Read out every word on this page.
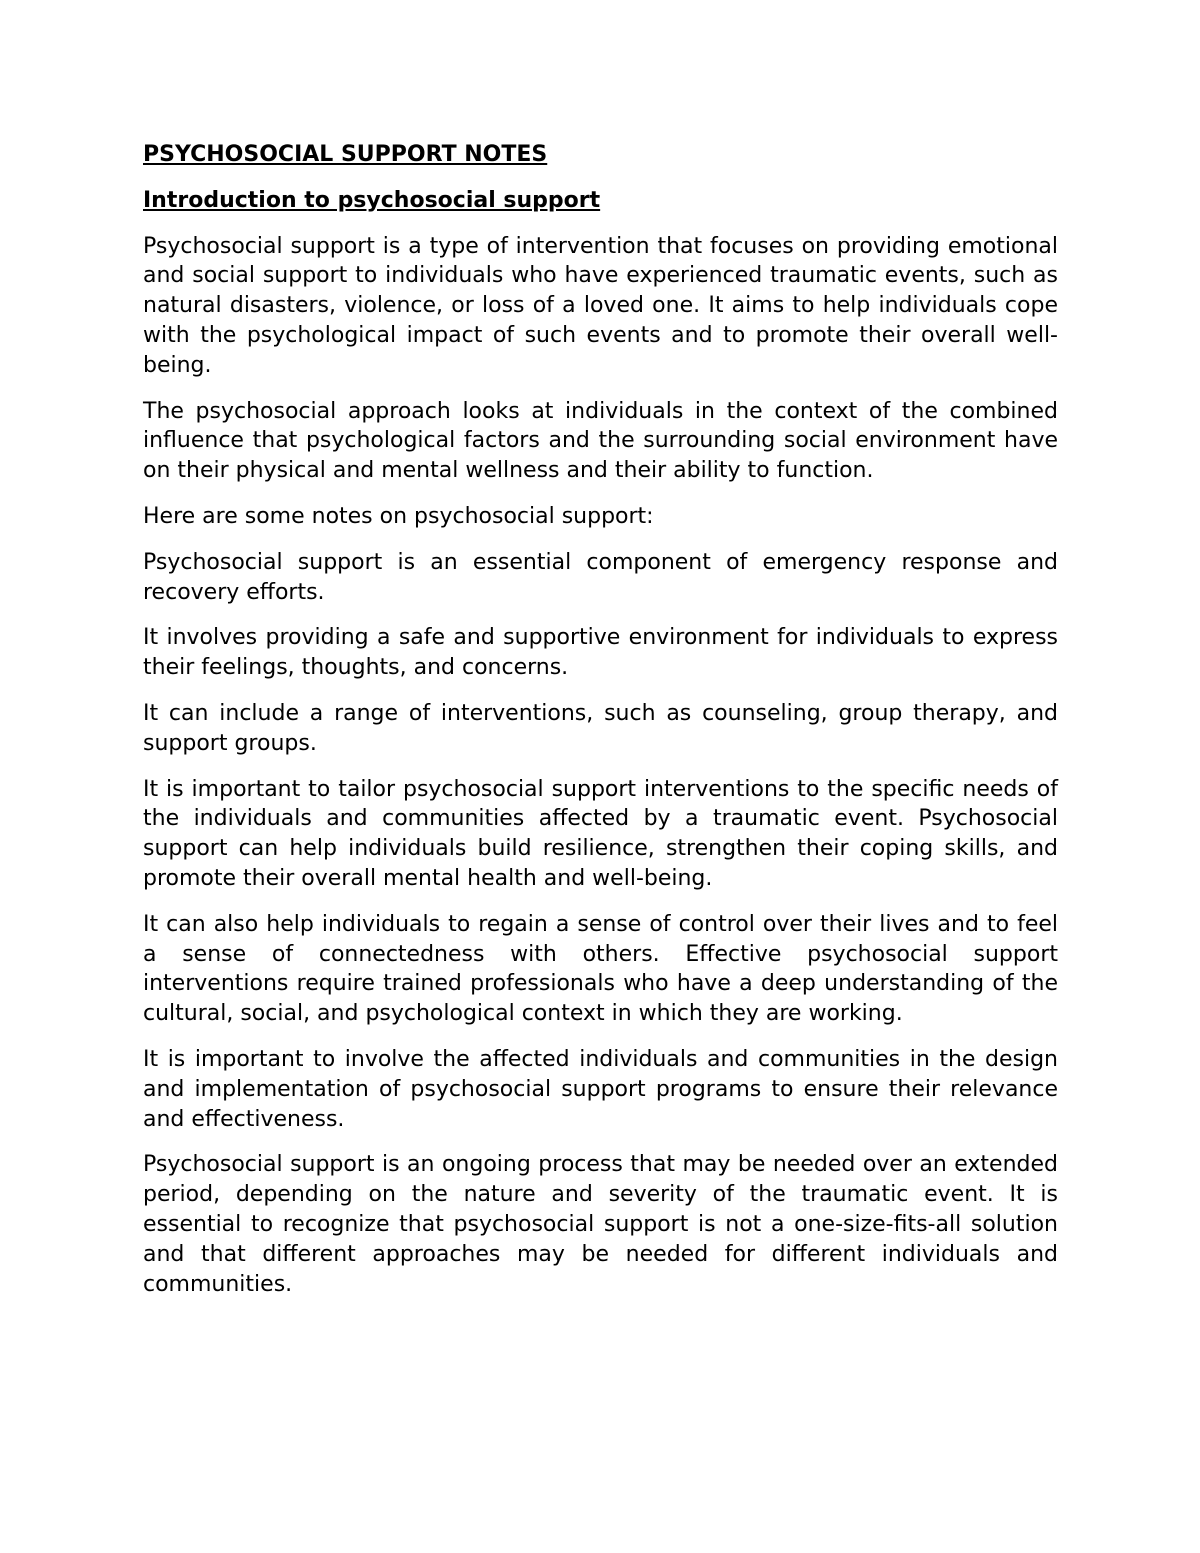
PSYCHOSOCIAL SUPPORT NOTES
Introduction to psychosocial support

Psychosocial support is a type of intervention that focuses on providing emotional and social support to individuals who have experienced traumatic events, such as natural disasters, violence, or loss of a loved one. It aims to help individuals cope with the psychological impact of such events and to promote their overall well-being.

The psychosocial approach looks at individuals in the context of the combined influence that psychological factors and the surrounding social environment have on their physical and mental wellness and their ability to function.

Here are some notes on psychosocial support:

Psychosocial support is an essential component of emergency response and recovery efforts.

It involves providing a safe and supportive environment for individuals to express their feelings, thoughts, and concerns.

It can include a range of interventions, such as counseling, group therapy, and support groups.

It is important to tailor psychosocial support interventions to the specific needs of the individuals and communities affected by a traumatic event. Psychosocial support can help individuals build resilience, strengthen their coping skills, and promote their overall mental health and well-being.

It can also help individuals to regain a sense of control over their lives and to feel a sense of connectedness with others. Effective psychosocial support interventions require trained professionals who have a deep understanding of the cultural, social, and psychological context in which they are working.

It is important to involve the affected individuals and communities in the design and implementation of psychosocial support programs to ensure their relevance and effectiveness.

Psychosocial support is an ongoing process that may be needed over an extended period, depending on the nature and severity of the traumatic event. It is essential to recognize that psychosocial support is not a one-size-fits-all solution and that different approaches may be needed for different individuals and communities.
